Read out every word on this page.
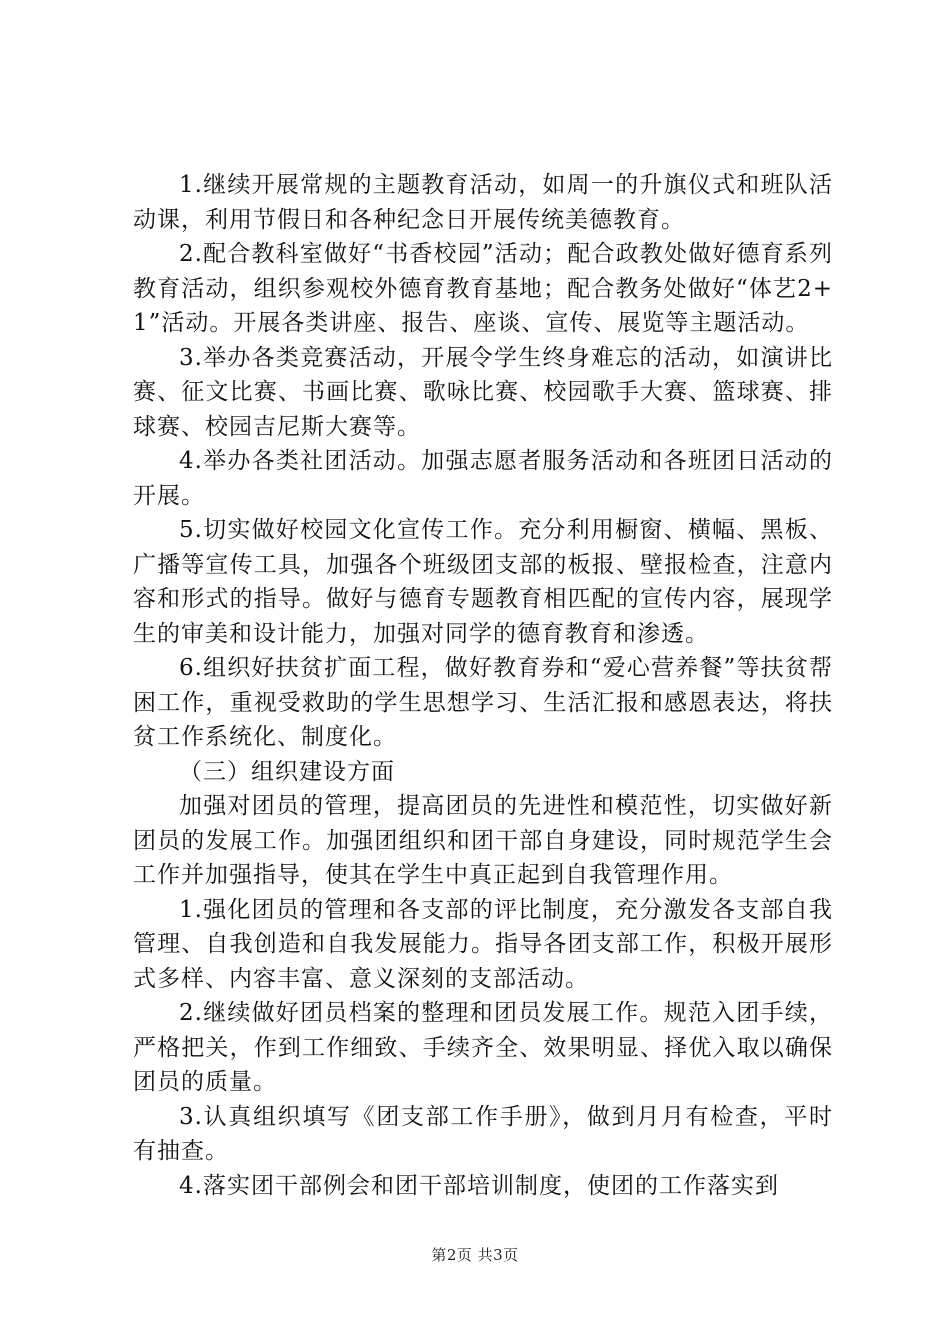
1.继续开展常规的主题教育活动，如周一的升旗仪式和班队活动课，利用节假日和各种纪念日开展传统美德教育。

2.配合教科室做好“书香校园”活动；配合政教处做好德育系列教育活动，组织参观校外德育教育基地；配合教务处做好“体艺2+1”活动。开展各类讲座、报告、座谈、宣传、展览等主题活动。

3.举办各类竞赛活动，开展令学生终身难忘的活动，如演讲比赛、征文比赛、书画比赛、歌咏比赛、校园歌手大赛、篮球赛、排球赛、校园吉尼斯大赛等。

4.举办各类社团活动。加强志愿者服务活动和各班团日活动的开展。

5.切实做好校园文化宣传工作。充分利用橱窗、横幅、黑板、广播等宣传工具，加强各个班级团支部的板报、壁报检查，注意内容和形式的指导。做好与德育专题教育相匹配的宣传内容，展现学生的审美和设计能力，加强对同学的德育教育和渗透。

6.组织好扶贫扩面工程，做好教育券和“爱心营养餐”等扶贫帮困工作，重视受救助的学生思想学习、生活汇报和感恩表达，将扶贫工作系统化、制度化。

（三）组织建设方面

加强对团员的管理，提高团员的先进性和模范性，切实做好新团员的发展工作。加强团组织和团干部自身建设，同时规范学生会工作并加强指导，使其在学生中真正起到自我管理作用。

1.强化团员的管理和各支部的评比制度，充分激发各支部自我管理、自我创造和自我发展能力。指导各团支部工作，积极开展形式多样、内容丰富、意义深刻的支部活动。

2.继续做好团员档案的整理和团员发展工作。规范入团手续，严格把关，作到工作细致、手续齐全、效果明显、择优入取以确保团员的质量。

3.认真组织填写《团支部工作手册》，做到月月有检查，平时有抽查。

4.落实团干部例会和团干部培训制度，使团的工作落实到

第2页 共3页
